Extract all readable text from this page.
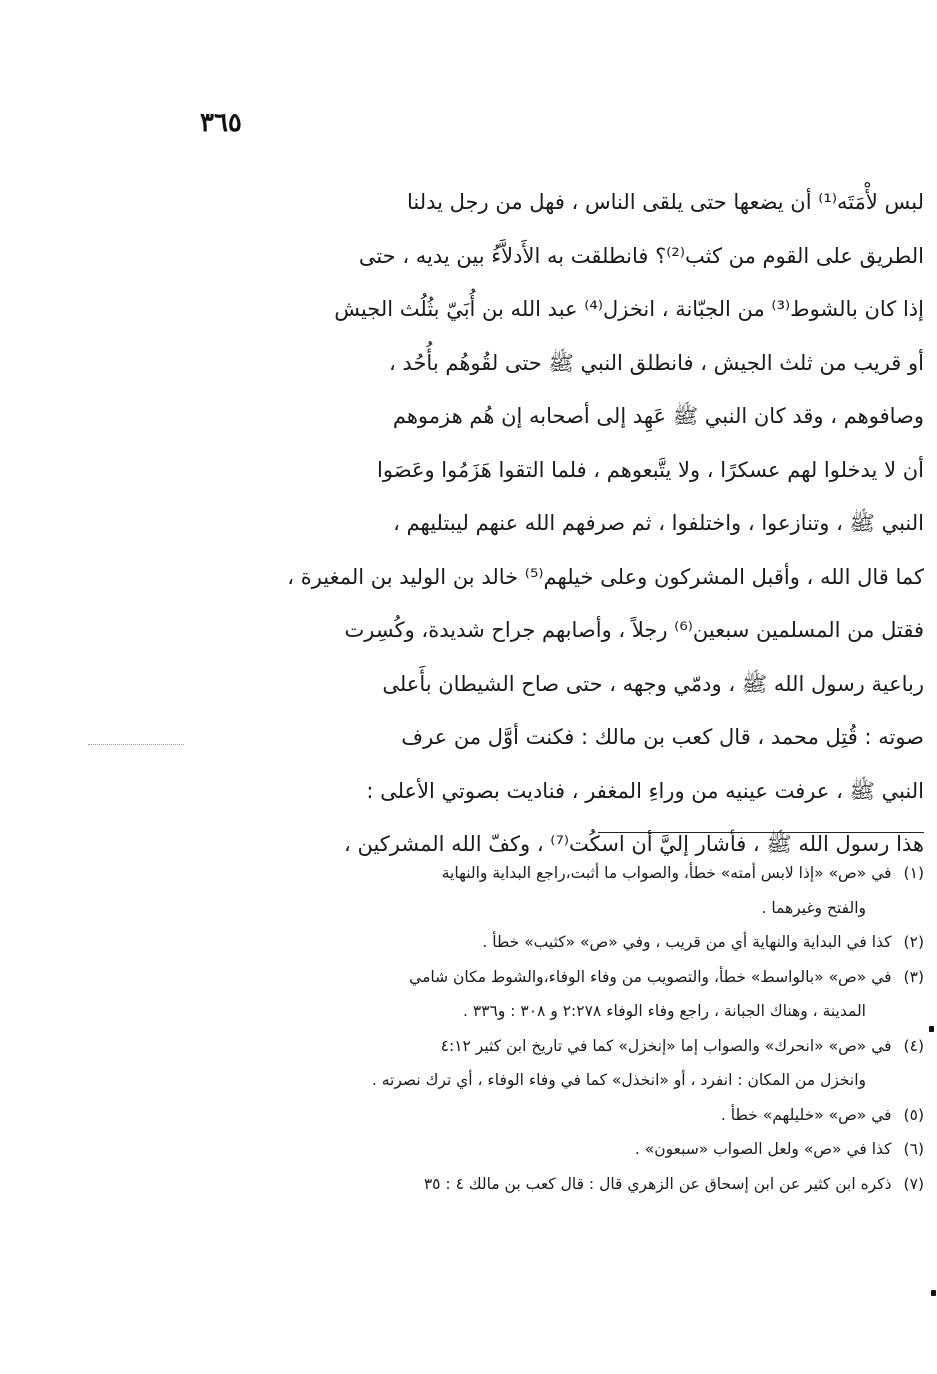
٣٦٥
لبس لأْمَتَه⁽¹⁾ أن يضعها حتى يلقى الناس ، فهل من رجل يدلنا
الطريق على القوم من كثب⁽²⁾؟ فانطلقت به الأَدلاَّءُ بين يديه ، حتى
إذا كان بالشوط⁽³⁾ من الجبّانة ، انخزل⁽⁴⁾ عبد الله بن أُبَيّ بثُلُث الجيش
أو قريب من ثلث الجيش ، فانطلق النبي ﷺ حتى لقُوهُم بأُحُد ،
وصافوهم ، وقد كان النبي ﷺ عَهِد إلى أصحابه إن هُم هزموهم
أن لا يدخلوا لهم عسكرًا ، ولا يتَّبعوهم ، فلما التقوا هَزَمُوا وعَصَوا
النبي ﷺ ، وتنازعوا ، واختلفوا ، ثم صرفهم الله عنهم ليبتليهم ،
كما قال الله ، وأقبل المشركون وعلى خيلهم⁽⁵⁾ خالد بن الوليد بن المغيرة ،
فقتل من المسلمين سبعين⁽⁶⁾ رجلاً ، وأصابهم جراح شديدة، وكُسِرت
رباعية رسول الله ﷺ ، ودمّي وجهه ، حتى صاح الشيطان بأَعلى
صوته : قُتِل محمد ، قال كعب بن مالك : فكنت أوَّل من عرف
النبي ﷺ ، عرفت عينيه من وراءِ المغفر ، فناديت بصوتي الأعلى :
هذا رسول الله ﷺ ، فأشار إليَّ أن اسكُت⁽⁷⁾ ، وكفّ الله المشركين ،
(١)في «ص» «إذا لابس أمته» خطأ، والصواب ما أثبت،راجع البداية والنهاية
والفتح وغيرهما .
(٢)كذا في البداية والنهاية أي من قريب ، وفي «ص» «كثيب» خطأ .
(٣)في «ص» «بالواسط» خطأ، والتصويب من وفاء الوفاء،والشوط مكان شامي
المدينة ، وهناك الجبانة ، راجع وفاء الوفاء ٢:٢٧٨ و ٣٠٨ : و٣٣٦ .
(٤)في «ص» «انحرك» والصواب إما «إنخزل» كما في تاريخ ابن كثير ٤:١٢
وانخزل من المكان : انفرد ، أو «انخذل» كما في وفاء الوفاء ، أي ترك نصرته .
(٥)في «ص» «خليلهم» خطأ .
(٦)كذا في «ص» ولعل الصواب «سبعون» .
(٧)ذكره ابن كثير عن ابن إسحاق عن الزهري قال : قال كعب بن مالك ٤ : ٣٥
